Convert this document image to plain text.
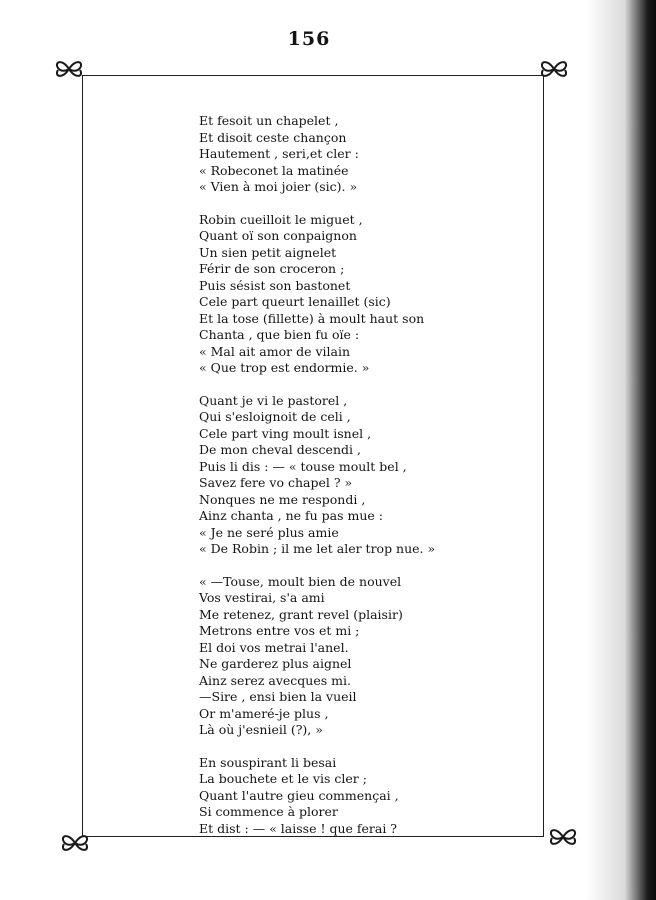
156
Et fesoit un chapelet ,
Et disoit ceste chançon
Hautement , seri‚et cler :
« Robeconet la matinée
« Vien à moi joier (sic). »
Robin cueilloit le miguet ,
Quant oï son conpaignon
Un sien petit aignelet
Férir de son croceron ;
Puis sésist son bastonet
Cele part queurt lenaillet (sic)
Et la tose (fillette) à moult haut son
Chanta , que bien fu oïe :
« Mal ait amor de vilain
« Que trop est endormie. »
Quant je vi le pastorel ,
Qui s'esloignoit de celi ,
Cele part ving moult isnel ,
De mon cheval descendi ,
Puis li dis : — « touse moult bel ,
Savez fere vo chapel ? »
Nonques ne me respondi ,
Ainz chanta , ne fu pas mue :
« Je ne seré plus amie
« De Robin ; il me let aler trop nue. »
« —Touse, moult bien de nouvel
Vos vestirai, s'a ami
Me retenez, grant revel (plaisir)
Metrons entre vos et mi ;
El doi vos metrai l'anel.
Ne garderez plus aignel
Ainz serez avecques mi.
—Sire , ensi bien la vueil
Or m'ameré-je plus ,
Là où j'esnieil (?), »
En souspirant li besai
La bouchete et le vis cler ;
Quant l'autre gieu commençai ,
Si commence à plorer
Et dist : — « laisse ! que ferai ?
